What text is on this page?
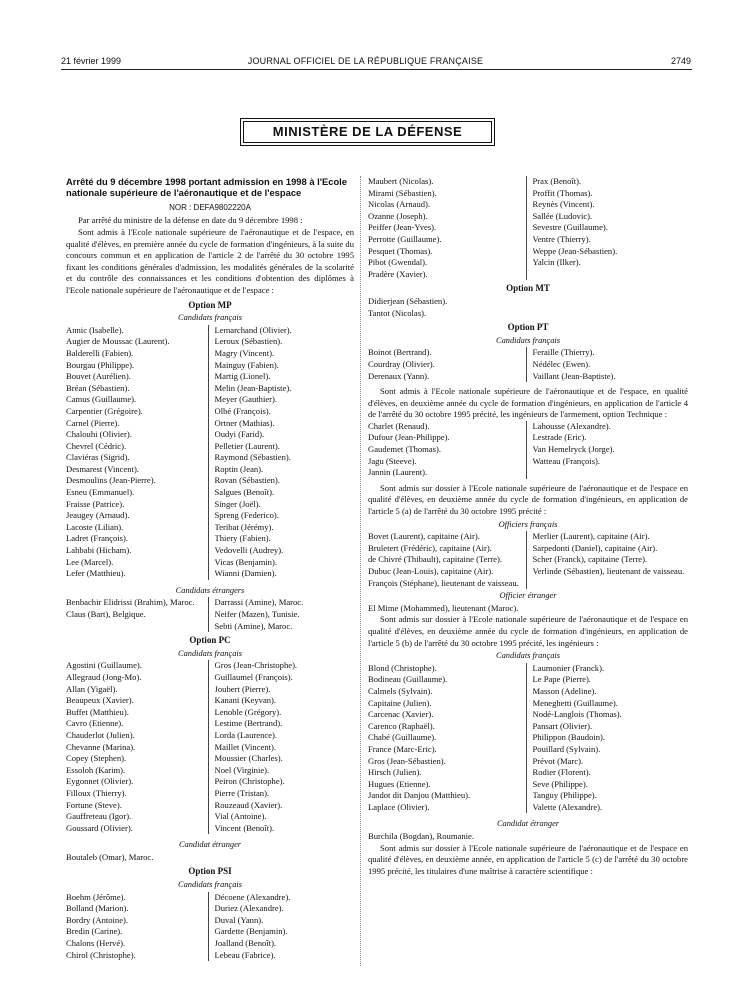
21 février 1999	JOURNAL OFFICIEL DE LA RÉPUBLIQUE FRANÇAISE	2749
MINISTÈRE DE LA DÉFENSE
Arrêté du 9 décembre 1998 portant admission en 1998 à l'Ecole nationale supérieure de l'aéronautique et de l'espace
NOR : DEFA9802220A

Par arrêté du ministre de la défense en date du 9 décembre 1998 :

Sont admis à l'Ecole nationale supérieure de l'aéronautique et de l'espace, en qualité d'élèves, en première année du cycle de formation d'ingénieurs, à la suite du concours commun et en application de l'article 2 de l'arrêté du 30 octobre 1995 fixant les conditions générales d'admission, les modalités générales de la scolarité et du contrôle des connaissances et les conditions d'obtention des diplômes à l'Ecole nationale supérieure de l'aéronautique et de l'espace :

Option MP
Candidats français
Annic (Isabelle).
Augier de Moussac (Laurent).
Balderelli (Fabien).
Bourgau (Philippe).
Bouvet (Aurélien).
Bréan (Sébastien).
Camus (Guillaume).
Carpentier (Grégoire).
Carnel (Pierre).
Chalouhi (Olivier).
Chevrel (Cédric).
Claviéras (Sigrid).
Desmarest (Vincent).
Desmoulins (Jean-Pierre).
Esneu (Emmanuel).
Fraisse (Patrice).
Jeaugey (Arnaud).
Lacoste (Lilian).
Ladret (François).
Lahbabi (Hicham).
Lee (Marcel).
Lefer (Matthieu).
Lemarchand (Olivier).
Leroux (Sébastien).
Magry (Vincent).
Mainguy (Fabien).
Martig (Lionel).
Melin (Jean-Baptiste).
Meyer (Gauthier).
Olbé (François).
Ortner (Mathias).
Oudyi (Farid).
Pelletier (Laurent).
Raymond (Sébastien).
Roptin (Jean).
Rovan (Sébastien).
Salgues (Benoît).
Singer (Joël).
Spreng (Federico).
Teribat (Jérémy).
Thiery (Fabien).
Vedovelli (Audrey).
Vicas (Benjamin).
Wianni (Damien).
Candidats étrangers
Benbachir Elidrissi (Brahim), Maroc.
Claus (Bart), Belgique.
Darrassi (Amine), Maroc.
Neifer (Mazen), Tunisie.
Sebti (Amine), Maroc.
Option PC
Candidats français
Agostini (Guillaume).
Allegraud (Jong-Mo).
Allan (Yigaël).
Beaupeux (Xavier).
Buffet (Matthieu).
Cavro (Etienne).
Chauderlot (Julien).
Chevanne (Marina).
Copey (Stephen).
Essoloh (Karim).
Eygonnet (Olivier).
Filloux (Thierry).
Fortune (Steve).
Gauffreteau (Igor).
Goussard (Olivier).
Gros (Jean-Christophe).
Guillaumel (François).
Joubert (Pierre).
Kanani (Keyvan).
Lenoble (Grégory).
Lestime (Bertrand).
Lorda (Laurence).
Maillet (Vincent).
Moussier (Charles).
Noel (Virginie).
Peiron (Christophe).
Pierre (Tristan).
Rouzeaud (Xavier).
Vial (Antoine).
Vincent (Benoît).
Candidat étranger
Boutaleb (Omar), Maroc.
Option PSI
Candidats français
Boehm (Jérôme).
Bolland (Marion).
Bordry (Antoine).
Bredin (Carine).
Chalons (Hervé).
Chirol (Christophe).
Décoene (Alexandre).
Duriez (Alexandre).
Duval (Yann).
Gardette (Benjamin).
Joalland (Benoît).
Lebeau (Fabrice).
Maubert (Nicolas).
Mirami (Sébastien).
Nicolas (Arnaud).
Ozanne (Joseph).
Peiffer (Jean-Yves).
Perrotte (Guillaume).
Pesquet (Thomas).
Pibot (Gwendal).
Pradère (Xavier).
Prax (Benoît).
Proffit (Thomas).
Reynès (Vincent).
Sallée (Ludovic).
Sevestre (Guillaume).
Ventre (Thierry).
Weppe (Jean-Sébastien).
Yalcin (Ilker).
Option MT
Didierjean (Sébastien).
Tantot (Nicolas).
Option PT
Candidats français
Boinot (Bertrand).
Courdray (Olivier).
Derenaux (Yann).
Feraille (Thierry).
Nédélec (Ewen).
Vaillant (Jean-Baptiste).

Sont admis à l'Ecole nationale supérieure de l'aéronautique et de l'espace, en qualité d'élèves, en deuxième année du cycle de formation d'ingénieurs, en application de l'article 4 de l'arrêté du 30 octobre 1995 précité, les ingénieurs de l'armement, option Technique :

Charlet (Renaud).
Dufour (Jean-Philippe).
Gaudemet (Thomas).
Jagu (Steeve).
Jannin (Laurent).
Lahousse (Alexandre).
Lestrade (Eric).
Van Hemelryck (Jorge).
Watteau (François).

Sont admis sur dossier à l'Ecole nationale supérieure de l'aéronautique et de l'espace en qualité d'élèves, en deuxième année du cycle de formation d'ingénieurs, en application de l'article 5 (a) de l'arrêté du 30 octobre 1995 précité :

Officiers français
Bovet (Laurent), capitaine (Air).
Bruletert (Frédéric), capitaine (Air).
de Chivré (Thibault), capitaine (Terre).
Dubuc (Jean-Louis), capitaine (Air).
François (Stéphane), lieutenant de vaisseau.
Merlier (Laurent), capitaine (Air).
Sarpedonti (Daniel), capitaine (Air).
Scher (Franck), capitaine (Terre).
Verlinde (Sébastien), lieutenant de vaisseau.
Officier étranger
El Mime (Mohammed), lieutenant (Maroc).

Sont admis sur dossier à l'Ecole nationale supérieure de l'aéronautique et de l'espace en qualité d'élèves, en deuxième année du cycle de formation d'ingénieurs, en application de l'article 5 (b) de l'arrêté du 30 octobre 1995 précité, les ingénieurs :

Candidats français
Blond (Christophe).
Bodineau (Guillaume).
Calmels (Sylvain).
Capitaine (Julien).
Carcenac (Xavier).
Carenco (Raphaël).
Chabé (Guillaume).
France (Marc-Eric).
Gros (Jean-Sébastien).
Hirsch (Julien).
Hugues (Etienne).
Jandot dit Danjou (Matthieu).
Laplace (Olivier).
Laumonier (Franck).
Le Pape (Pierre).
Masson (Adeline).
Meneghetti (Guillaume).
Nodé-Langlois (Thomas).
Pansart (Olivier).
Philippon (Baudoin).
Pouillard (Sylvain).
Prévot (Marc).
Rodier (Florent).
Seve (Philippe).
Tanguy (Philippe).
Valette (Alexandre).
Candidat étranger
Burchila (Bogdan), Roumanie.

Sont admis sur dossier à l'Ecole nationale supérieure de l'aéronautique et de l'espace en qualité d'élèves, en deuxième année, en application de l'article 5 (c) de l'arrêté du 30 octobre 1995 précité, les titulaires d'une maîtrise à caractère scientifique :
